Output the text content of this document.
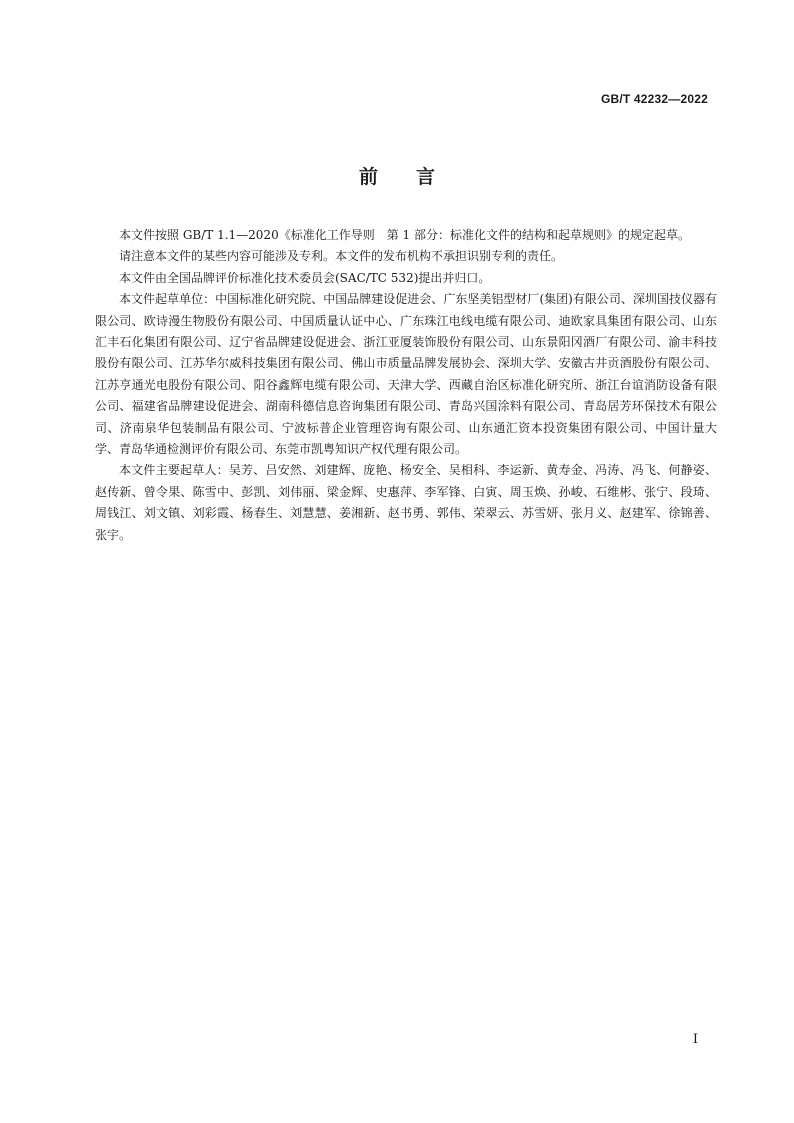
GB/T 42232—2022
前言

本文件按照 GB/T 1.1—2020《标准化工作导则　第 1 部分：标准化文件的结构和起草规则》的规定起草。

请注意本文件的某些内容可能涉及专利。本文件的发布机构不承担识别专利的责任。

本文件由全国品牌评价标准化技术委员会(SAC/TC 532)提出并归口。

本文件起草单位：中国标准化研究院、中国品牌建设促进会、广东坚美铝型材厂(集团)有限公司、深圳国技仪器有限公司、欧诗漫生物股份有限公司、中国质量认证中心、广东珠江电线电缆有限公司、迪欧家具集团有限公司、山东汇丰石化集团有限公司、辽宁省品牌建设促进会、浙江亚厦装饰股份有限公司、山东景阳冈酒厂有限公司、渝丰科技股份有限公司、江苏华尔威科技集团有限公司、佛山市质量品牌发展协会、深圳大学、安徽古井贡酒股份有限公司、江苏亨通光电股份有限公司、阳谷鑫辉电缆有限公司、天津大学、西藏自治区标准化研究所、浙江台谊消防设备有限公司、福建省品牌建设促进会、湖南科德信息咨询集团有限公司、青岛兴国涂料有限公司、青岛居芳环保技术有限公司、济南泉华包装制品有限公司、宁波标普企业管理咨询有限公司、山东通汇资本投资集团有限公司、中国计量大学、青岛华通检测评价有限公司、东莞市凯粤知识产权代理有限公司。

本文件主要起草人：吴芳、吕安然、刘建辉、庞艳、杨安全、吴相科、李运新、黄寿金、冯涛、冯飞、何静姿、赵传新、曾令果、陈雪中、彭凯、刘伟丽、梁金辉、史惠萍、李军锋、白寅、周玉焕、孙峻、石维彬、张宁、段琦、周钱江、刘文镇、刘彩霞、杨春生、刘慧慧、姜湘新、赵书勇、郭伟、荣翠云、苏雪妍、张月义、赵建军、徐锦善、张宇。

I
